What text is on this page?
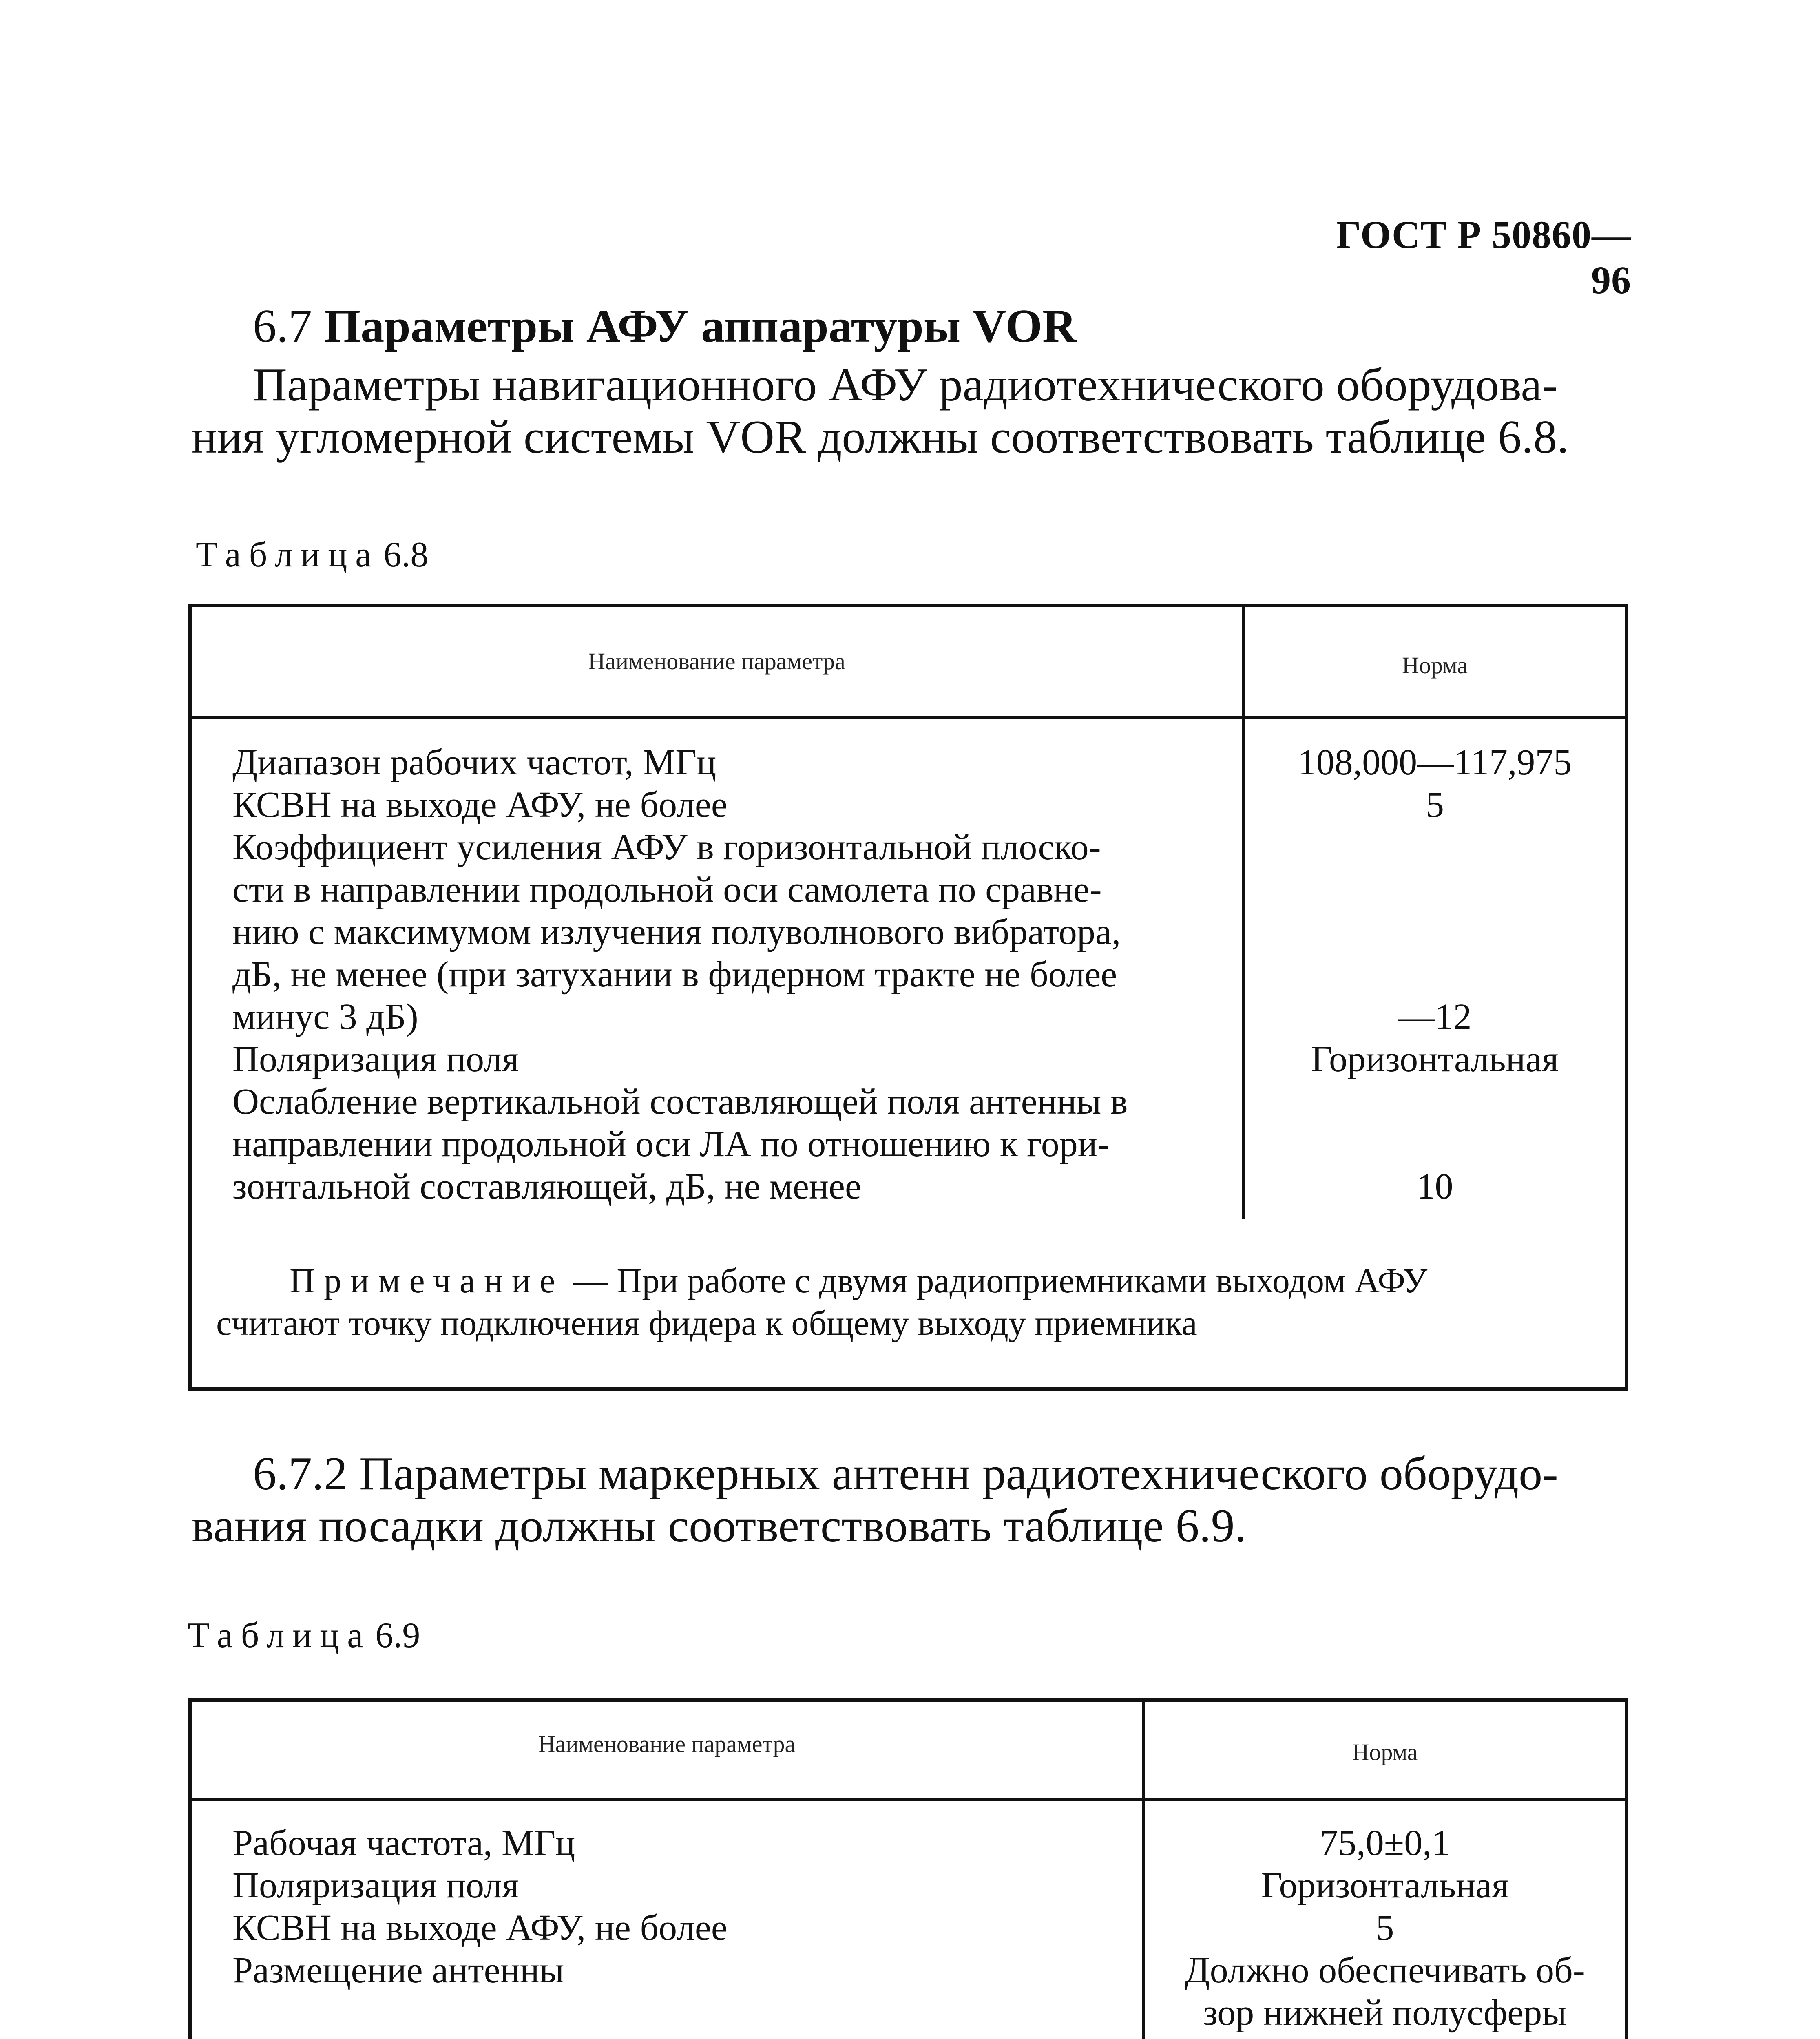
ГОСТ Р 50860—96
6.7 Параметры АФУ аппаратуры VOR
Параметры навигационного АФУ радиотехнического оборудова-
ния угломерной системы VOR должны соответствовать таблице 6.8.
Таблица 6.8
Наименование параметра	Норма
Диапазон рабочих частот, МГц
КСВН на выходе АФУ, не более
Коэффициент усиления АФУ в горизонтальной плоско-
сти в направлении продольной оси самолета по сравне-
нию с максимумом излучения полуволнового вибратора,
дБ, не менее (при затухании в фидерном тракте не более
минус 3 дБ)
Поляризация поля
Ослабление вертикальной составляющей поля антенны в
направлении продольной оси ЛА по отношению к гори-
зонтальной составляющей, дБ, не менее
108,000—117,975
5
—12
Горизонтальная
10
Примечание — При работе с двумя радиоприемниками выходом АФУ
считают точку подключения фидера к общему выходу приемника
6.7.2 Параметры маркерных антенн радиотехнического оборудо-
вания посадки должны соответствовать таблице 6.9.
Таблица 6.9
Наименование параметра	Норма
Рабочая частота, МГц
Поляризация поля
КСВН на выходе АФУ, не более
Размещение антенны
75,0±0,1
Горизонтальная
5
Должно обеспечивать об-
зор нижней полусферы
